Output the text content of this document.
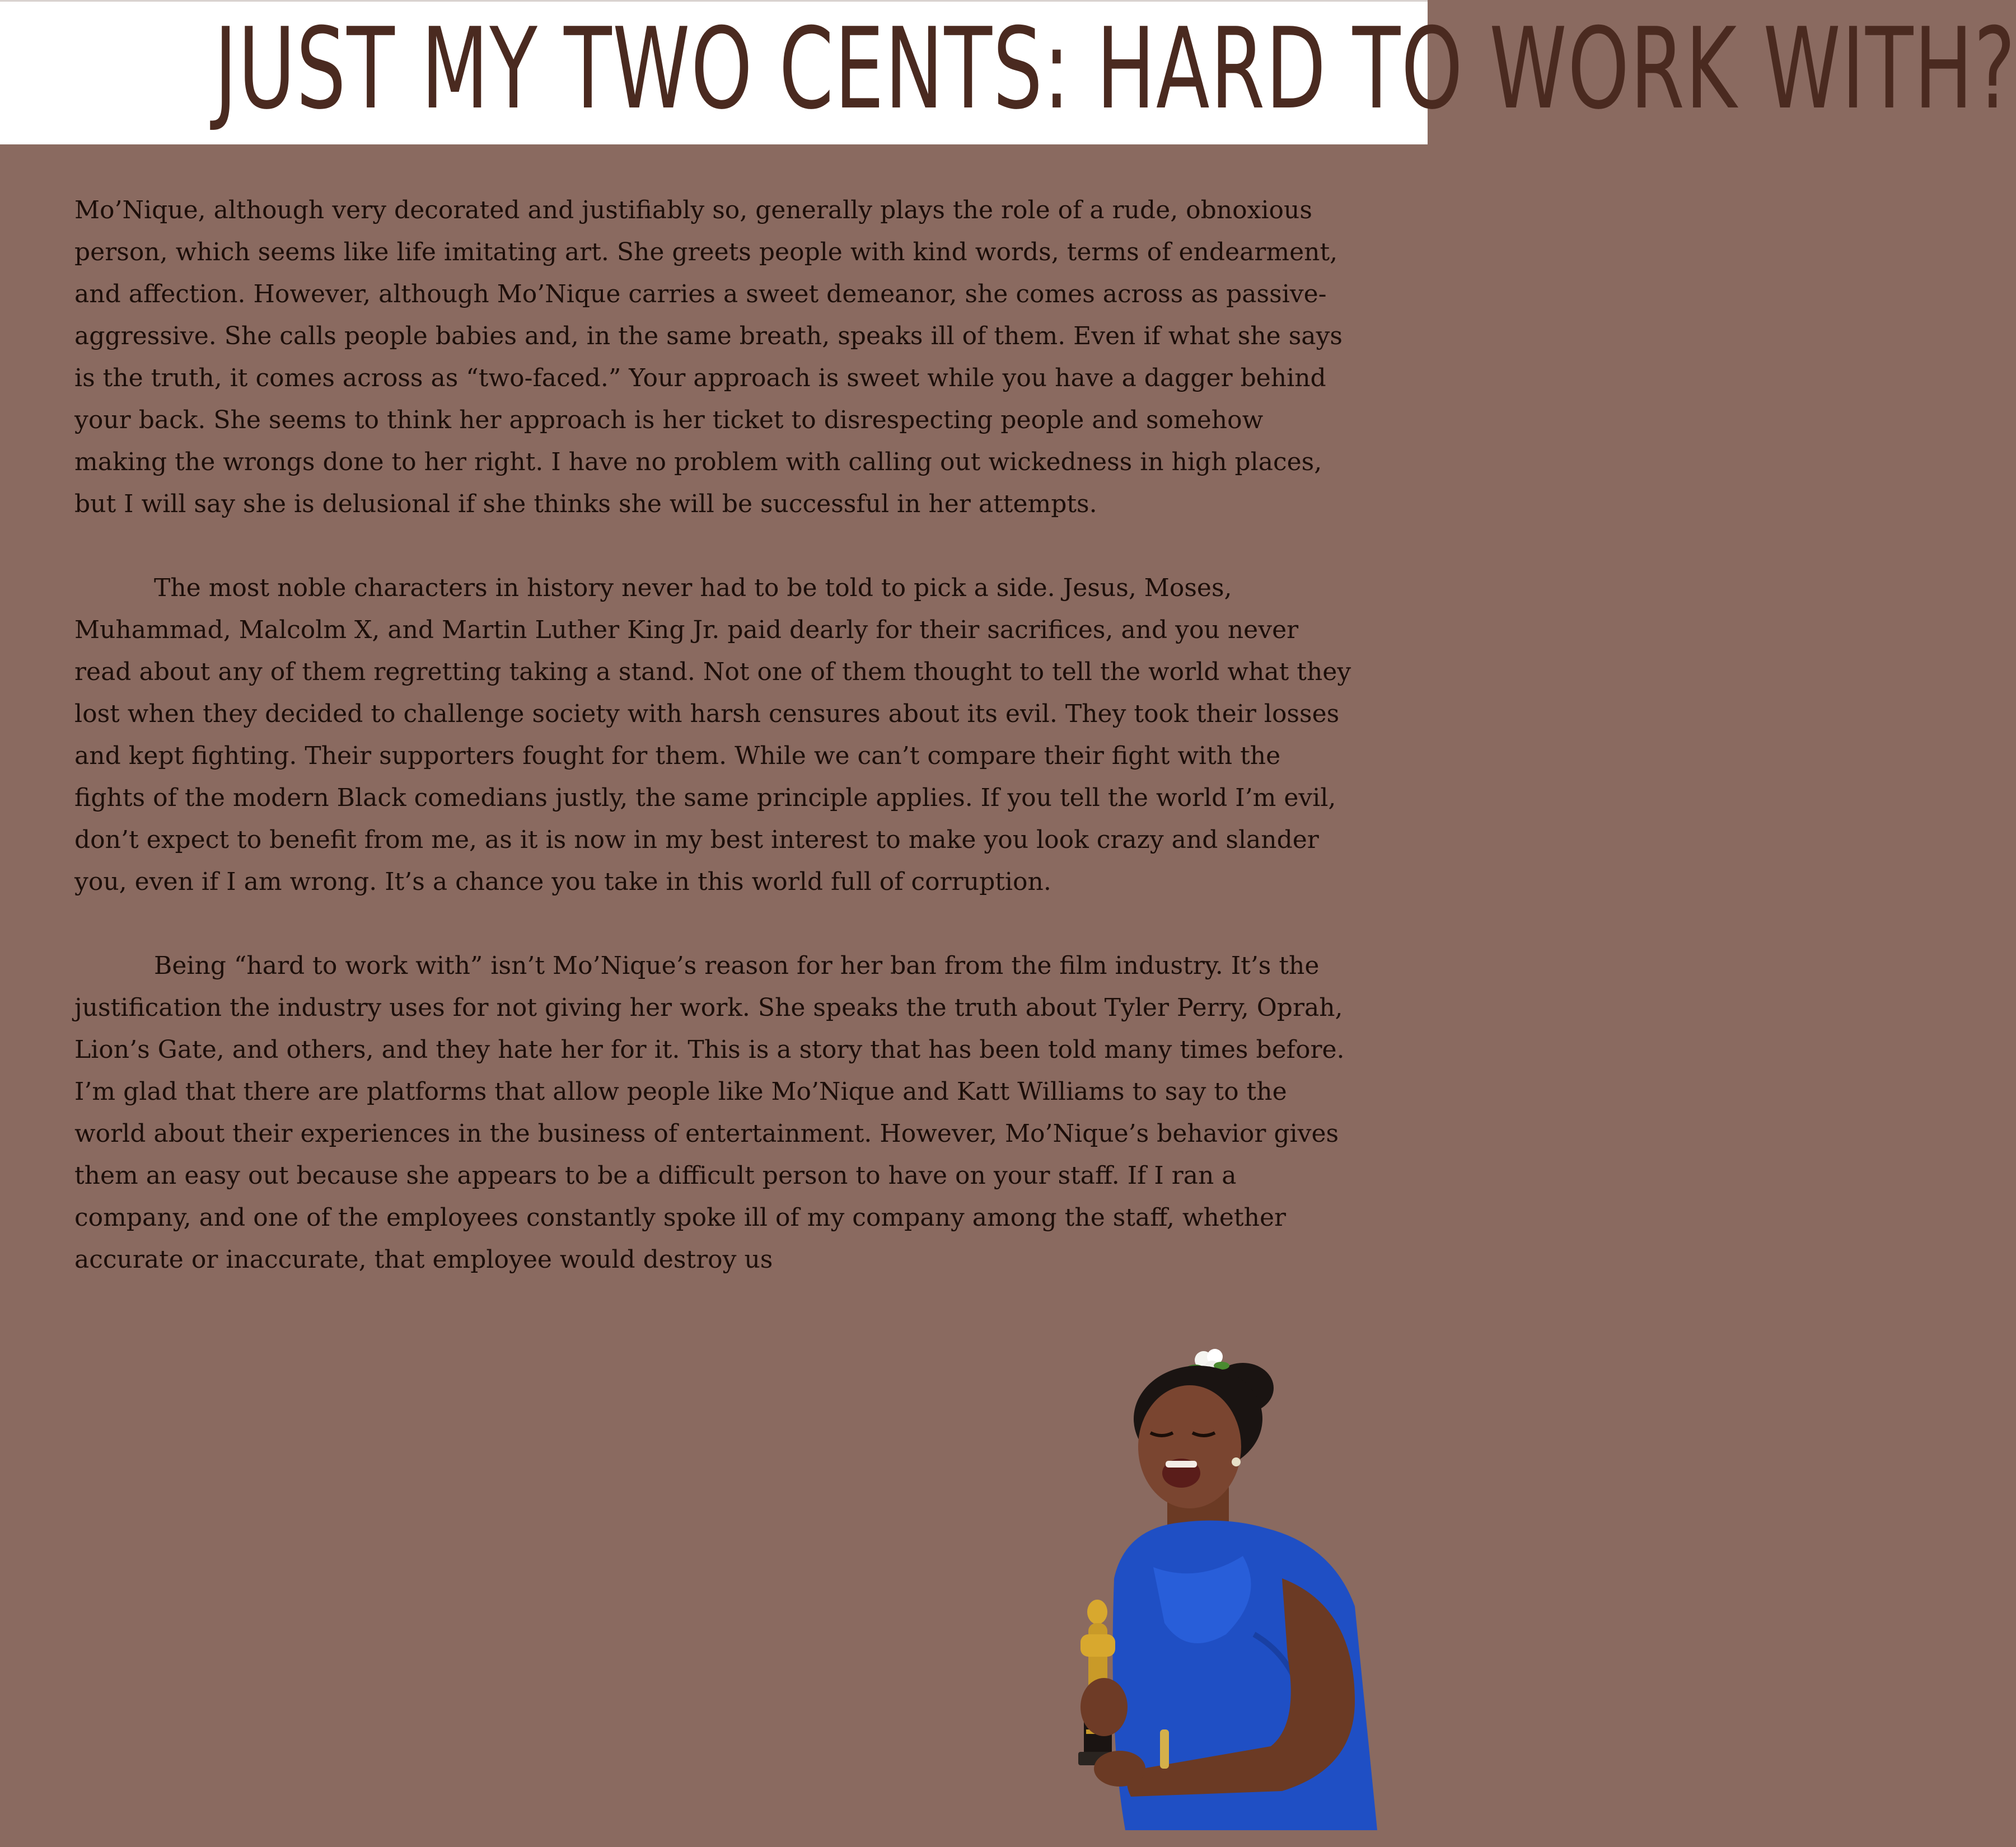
JUST MY TWO CENTS: HARD TO WORK WITH?

Mo’Nique, although very decorated and justifiably so, generally plays the role of a rude, obnoxious person, which seems like life imitating art. She greets people with kind words, terms of endearment, and affection. However, although Mo’Nique carries a sweet demeanor, she comes across as passive-aggressive. She calls people babies and, in the same breath, speaks ill of them. Even if what she says is the truth, it comes across as “two-faced.” Your approach is sweet while you have a dagger behind your back. She seems to think her approach is her ticket to disrespecting people and somehow making the wrongs done to her right. I have no problem with calling out wickedness in high places, but I will say she is delusional if she thinks she will be successful in her attempts.

The most noble characters in history never had to be told to pick a side. Jesus, Moses, Muhammad, Malcolm X, and Martin Luther King Jr. paid dearly for their sacrifices, and you never read about any of them regretting taking a stand. Not one of them thought to tell the world what they lost when they decided to challenge society with harsh censures about its evil. They took their losses and kept fighting. Their supporters fought for them. While we can’t compare their fight with the fights of the modern Black comedians justly, the same principle applies. If you tell the world I’m evil, don’t expect to benefit from me, as it is now in my best interest to make you look crazy and slander you, even if I am wrong. It’s a chance you take in this world full of corruption.

Being “hard to work with” isn’t Mo’Nique’s reason for her ban from the film industry. It’s the justification the industry uses for not giving her work. She speaks the truth about Tyler Perry, Oprah, Lion’s Gate, and others, and they hate her for it. This is a story that has been told many times before. I’m glad that there are platforms that allow people like Mo’Nique and Katt Williams to say to the world about their experiences in the business of entertainment. However, Mo’Nique’s behavior gives them an easy out because she appears to be a difficult person to have on your staff. If I ran a company, and one of the employees constantly spoke ill of my company among the staff, whether accurate or inaccurate, that employee would destroy us
